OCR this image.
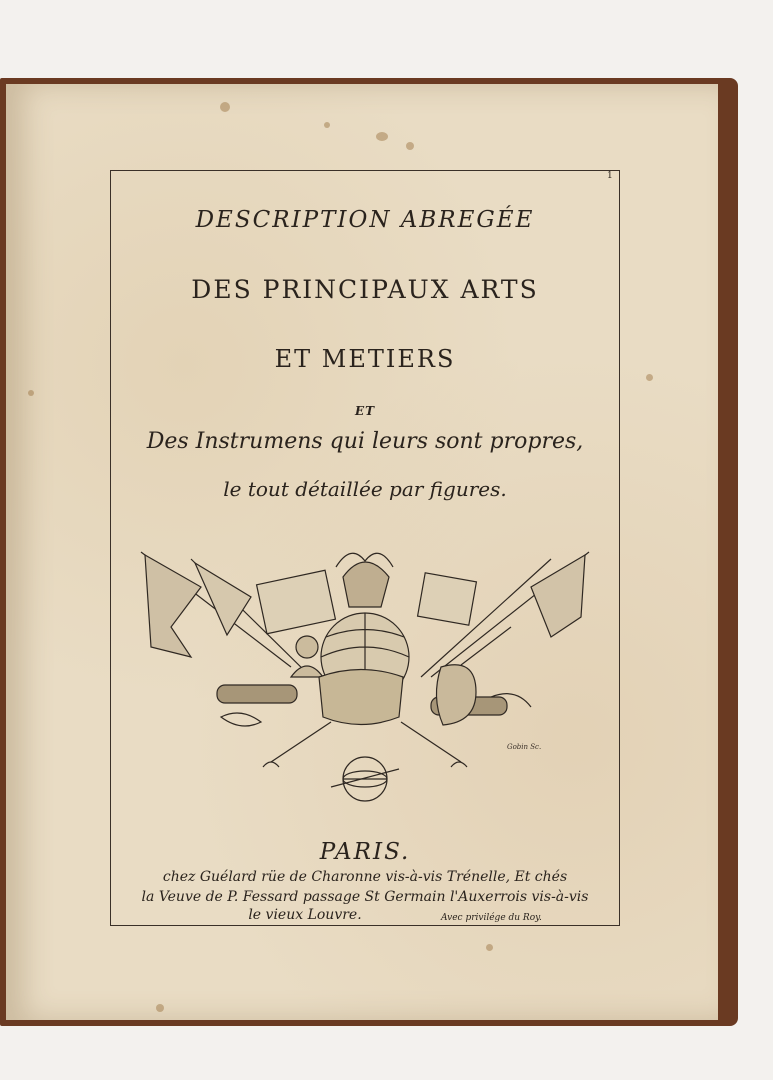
1
DESCRIPTION ABREGÉE
DES PRINCIPAUX ARTS
ET METIERS
ET
Des Instrumens qui leurs sont propres,
le tout détaillée par figures.
Gobin Sc.
PARIS.
chez Guélard rüe de Charonne vis-à-vis Trénelle, Et chés
la Veuve de P. Fessard passage St Germain l'Auxerrois vis-à-vis
le vieux Louvre.	Avec privilége du Roy.
